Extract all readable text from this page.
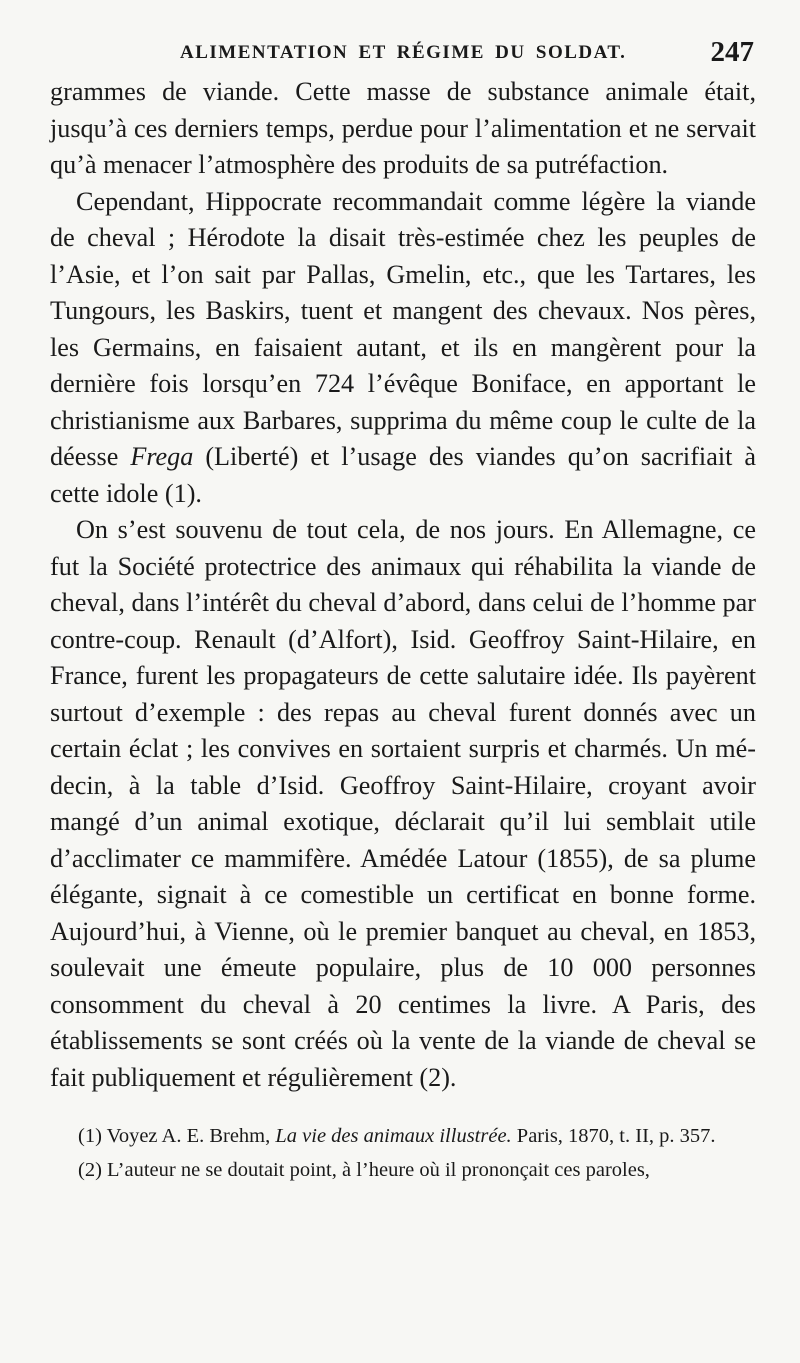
ALIMENTATION ET RÉGIME DU SOLDAT.	247

grammes de viande. Cette masse de substance animale était, jusqu’à ces derniers temps, perdue pour l’alimentation et ne servait qu’à menacer l’atmosphère des produits de sa putréfaction.

Cependant, Hippocrate recommandait comme légère la viande de cheval ; Hérodote la disait très-estimée chez les peuples de l’Asie, et l’on sait par Pallas, Gmelin, etc., que les Tartares, les Tungours, les Baskirs, tuent et mangent des chevaux. Nos pères, les Germains, en faisaient autant, et ils en mangèrent pour la dernière fois lorsqu’en 724 l’évêque Boniface, en apportant le christianisme aux Barbares, supprima du même coup le culte de la déesse Frega (Liberté) et l’usage des viandes qu’on sacrifiait à cette idole (1).

On s’est souvenu de tout cela, de nos jours. En Allemagne, ce fut la Société protectrice des animaux qui réhabilita la viande de cheval, dans l’intérêt du cheval d’abord, dans celui de l’homme par contre-coup. Renault (d’Alfort), Isid. Geoffroy Saint-Hilaire, en France, furent les propagateurs de cette salutaire idée. Ils payèrent surtout d’exemple : des repas au cheval furent donnés avec un certain éclat ; les convives en sortaient surpris et charmés. Un médecin, à la table d’Isid. Geoffroy Saint-Hilaire, croyant avoir mangé d’un animal exotique, déclarait qu’il lui semblait utile d’acclimater ce mammifère. Amédée Latour (1855), de sa plume élégante, signait à ce comestible un certificat en bonne forme. Aujourd’hui, à Vienne, où le premier banquet au cheval, en 1853, soulevait une émeute populaire, plus de 10 000 personnes consomment du cheval à 20 centimes la livre. A Paris, des établissements se sont créés où la vente de la viande de cheval se fait publiquement et régulièrement (2).

(1) Voyez A. E. Brehm, La vie des animaux illustrée. Paris, 1870, t. II, p. 357.

(2) L’auteur ne se doutait point, à l’heure où il prononçait ces paroles,
